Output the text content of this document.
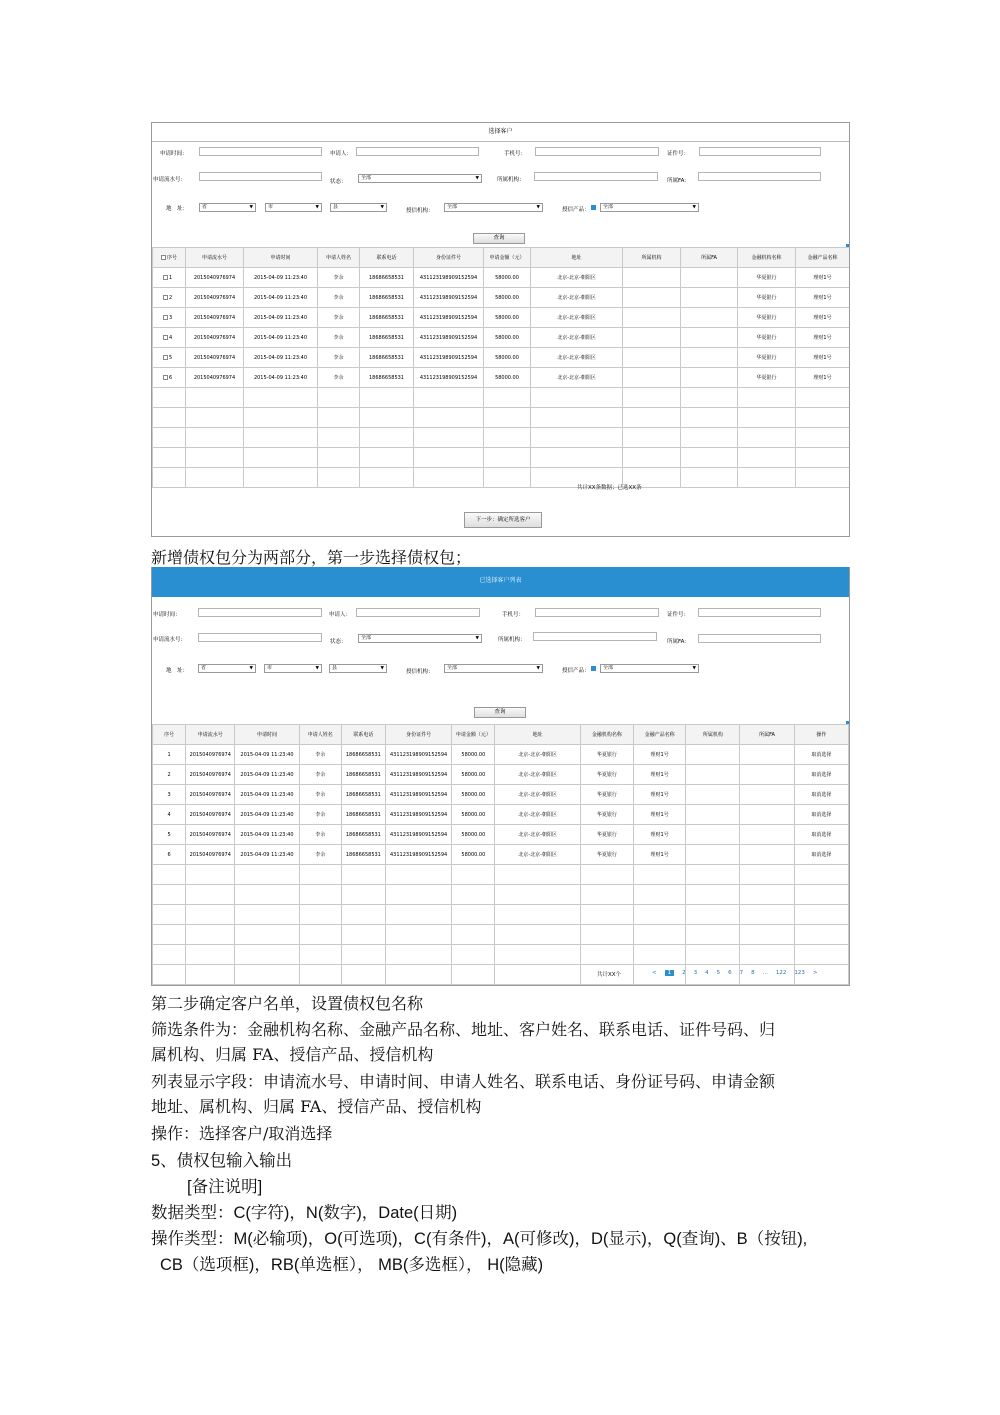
选择客户
申请时间：	申请人：	手机号：	证件号：
申请流水号：	状态：
全部	▼	所属机构：	所属FA：
地　址：	省	▼	市	▼	县	▼
授信机构：
全部	▼	授信产品：	全部	▼
查询
序号	申请流水号	申请时间	申请人姓名	联系电话	身份证件号	申请金额（元）	地址	所属机构	所属FA	金融机构名称	金融产品名称
1	2015040976974	2015-04-09 11:23:40	李余	18686658531	431123198909152594	58000.00	北京-北京-朝阳区			华夏银行	理财1号
2	2015040976974	2015-04-09 11:23:40	李余	18686658531	431123198909152594	58000.00	北京-北京-朝阳区			华夏银行	理财1号
3	2015040976974	2015-04-09 11:23:40	李余	18686658531	431123198909152594	58000.00	北京-北京-朝阳区			华夏银行	理财1号
4	2015040976974	2015-04-09 11:23:40	李余	18686658531	431123198909152594	58000.00	北京-北京-朝阳区			华夏银行	理财1号
5	2015040976974	2015-04-09 11:23:40	李余	18686658531	431123198909152594	58000.00	北京-北京-朝阳区			华夏银行	理财1号
6	2015040976974	2015-04-09 11:23:40	李余	18686658531	431123198909152594	58000.00	北京-北京-朝阳区			华夏银行	理财1号

共计XX条数据；已选XX条
下一步：确定所选客户
新增债权包分为两部分，第一步选择债权包；
已选择客户列表
申请时间：	申请人：	手机号：	证件号：
申请流水号：	状态：
全部	▼	所属机构：	所属FA：
地　址：	省	▼	市	▼	县	▼
授信机构：
全部	▼	授信产品：	全部	▼
查询
序号	申请流水号	申请时间	申请人姓名	联系电话	身份证件号	申请金额（元）	地址	金融机构名称	金融产品名称	所属机构	所属FA	操作
1	2015040976974	2015-04-09 11:23:40	李余	18686658531	431123198909152594	58000.00	北京-北京-朝阳区	华夏银行	理财1号			取消选择
2	2015040976974	2015-04-09 11:23:40	李余	18686658531	431123198909152594	58000.00	北京-北京-朝阳区	华夏银行	理财1号			取消选择
3	2015040976974	2015-04-09 11:23:40	李余	18686658531	431123198909152594	58000.00	北京-北京-朝阳区	华夏银行	理财1号			取消选择
4	2015040976974	2015-04-09 11:23:40	李余	18686658531	431123198909152594	58000.00	北京-北京-朝阳区	华夏银行	理财1号			取消选择
5	2015040976974	2015-04-09 11:23:40	李余	18686658531	431123198909152594	58000.00	北京-北京-朝阳区	华夏银行	理财1号			取消选择
6	2015040976974	2015-04-09 11:23:40	李余	18686658531	431123198909152594	58000.00	北京-北京-朝阳区	华夏银行	理财1号			取消选择

共计XX个	< 1 2 3 4 5 6 7 8 ... 122 123 >
第二步确定客户名单，设置债权包名称
筛选条件为：金融机构名称、金融产品名称、地址、客户姓名、联系电话、证件号码、归
属机构、归属 FA、授信产品、授信机构
列表显示字段：申请流水号、申请时间、申请人姓名、联系电话、身份证号码、申请金额
地址、属机构、归属 FA、授信产品、授信机构
操作：选择客户/取消选择
5、债权包输入输出
[备注说明]
数据类型：C(字符)，N(数字)，Date(日期)
操作类型：M(必输项)，O(可选项)，C(有条件)，A(可修改)，D(显示)，Q(查询)、B（按钮),
CB（选项框)，RB(单选框）， MB(多选框）， H(隐藏)
